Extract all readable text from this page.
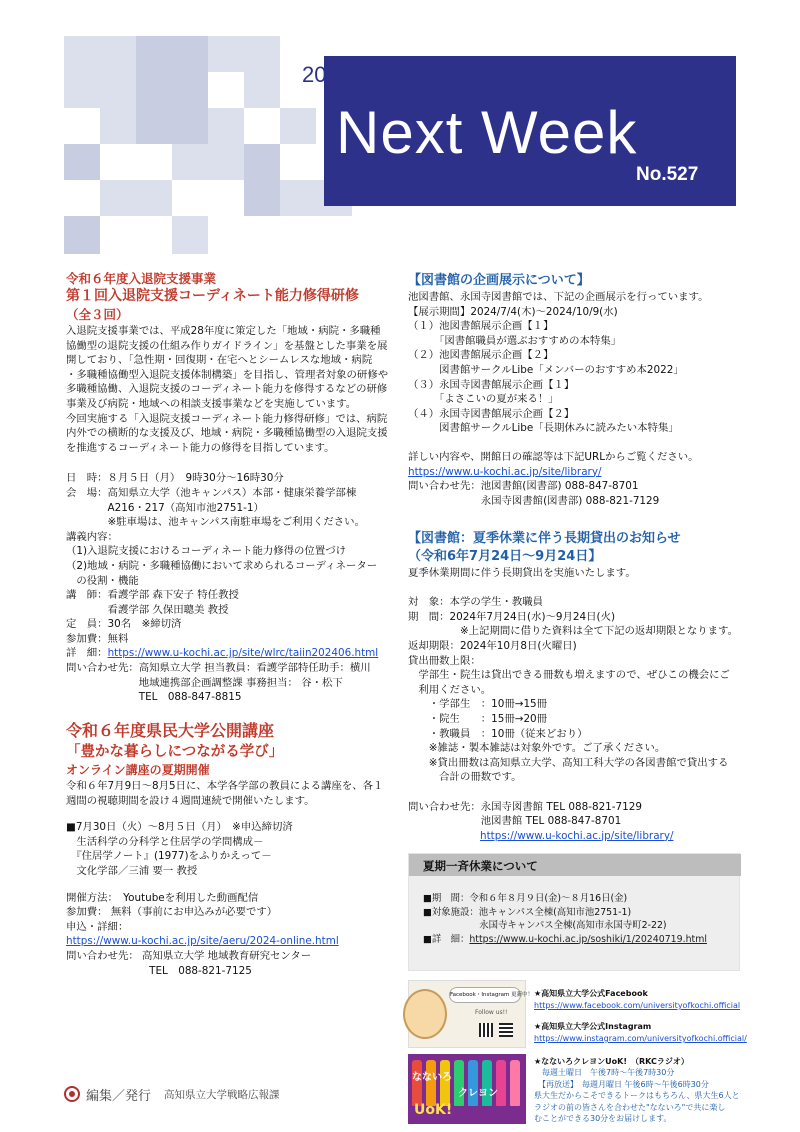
2024/8/3～2024/8/11
Next Week
No.527
令和６年度入退院支援事業
第１回入退院支援コーディネート能力修得研修
（全３回）
入退院支援事業では、平成28年度に策定した「地域・病院・多職種
協働型の退院支援の仕組み作りガイドライン」を基盤とした事業を展
開しており、「急性期・回復期・在宅へとシームレスな地域・病院
・多職種協働型入退院支援体制構築」を目指し、管理者対象の研修や
多職種協働、入退院支援のコーディネート能力を修得するなどの研修
事業及び病院・地域への相談支援事業などを実施しています。
今回実施する「入退院支援コーディネート能力修得研修」では、病院
内外での横断的な支援及び、地域・病院・多職種協働型の入退院支援
を推進するコーディネート能力の修得を目指しています。
日　時：８月５日（月）　9時30分～16時30分
会　場：高知県立大学（池キャンパス）本部・健康栄養学部棟
　　　　A216・217（高知市池2751-1）
　　　　※駐車場は、池キャンパス南駐車場をご利用ください。
講義内容：
（1)入退院支援におけるコーディネート能力修得の位置づけ
（2)地域・病院・多職種協働において求められるコーディネーター
　の役割・機能
講　師：看護学部 森下安子 特任教授
　　　　看護学部 久保田聰美 教授
定　員：30名　※締切済
参加費：無料
詳　細：https://www.u-kochi.ac.jp/site/wlrc/taiin202406.html
問い合わせ先：高知県立大学 担当教員：看護学部特任助手：横川
　　　　　　　地域連携部企画調整課 事務担当： 谷・松下
　　　　　　　TEL　088-847-8815
令和６年度県民大学公開講座
「豊かな暮らしにつながる学び」
オンライン講座の夏期開催
令和６年7月9日～8月5日に、本学各学部の教員による講座を、各１
週間の視聴期間を設け４週間連続で開催いたします。
■7月30日（火）～8月５日（月）　※申込締切済
　生活科学の分科学と住居学の学問構成－
　『住居学ノート』(1977)をふりかえって－
　文化学部／三浦 要一 教授
開催方法：　Youtubeを利用した動画配信
参加費： 無料（事前にお申込みが必要です）
申込・詳細：
https://www.u-kochi.ac.jp/site/aeru/2024-online.html
問い合わせ先： 高知県立大学 地域教育研究センター
　　　　　　　　TEL　088-821-7125
編集／発行 高知県立大学戦略広報課
【図書館の企画展示について】
池図書館、永国寺図書館では、下記の企画展示を行っています。
【展示期間】2024/7/4(木)～2024/10/9(水)
（１）池図書館展示企画【１】
　　　「図書館職員が選ぶおすすめの本特集」
（２）池図書館展示企画【２】
　　　図書館サークルLibe「メンバーのおすすめ本2022」
（３）永国寺図書館展示企画【１】
　　　「よさこいの夏が来る！」
（４）永国寺図書館展示企画【２】
　　　図書館サークルLibe「長期休みに読みたい本特集」
詳しい内容や、開館日の確認等は下記URLからご覧ください。
https://www.u-kochi.ac.jp/site/library/
問い合わせ先：池図書館(図書部) 088-847-8701
　　　　　　　永国寺図書館(図書部) 088-821-7129
【図書館：夏季休業に伴う長期貸出のお知らせ
（令和6年7月24日～9月24日】
夏季休業期間に伴う長期貸出を実施いたします。
対　象：本学の学生・教職員
期　間：2024年7月24日(水)～9月24日(火)
　　　　　※上記期間に借りた資料は全て下記の返却期限となります。
返却期限：2024年10月8日(火曜日)
貸出冊数上限：
　学部生・院生は貸出できる冊数も増えますので、ぜひこの機会にご
　利用ください。
　　・学部生　：10冊→15冊
　　・院生　　：15冊→20冊
　　・教職員　：10冊（従来どおり）
　　※雑誌・製本雑誌は対象外です。ご了承ください。
　　※貸出冊数は高知県立大学、高知工科大学の各図書館で貸出する
　　　合計の冊数です。
問い合わせ先：永国寺図書館 TEL 088-821-7129
　　　　　　　池図書館 TEL 088-847-8701
https://www.u-kochi.ac.jp/site/library/
夏期一斉休業について
■期　間：令和６年８月９日(金)～８月16日(金)
■対象施設：池キャンパス全棟(高知市池2751-1)
　　　　　　永国寺キャンパス全棟(高知市永国寺町2-22)
■詳　細：https://www.u-kochi.ac.jp/soshiki/1/20240719.html
Facebook・Instagram 更新中！
Follow us!!
★高知県立大学公式Facebook
https://www.facebook.com/universityofkochi.official
★高知県立大学公式Instagram
https://www.instagram.com/universityofkochi.official/
なないろ
クレヨン
UoK!
★なないろクレヨンUoK!　（RKCラジオ）
　毎週土曜日　午後7時～午後7時30分
　【再放送】　毎週月曜日 午後6時～午後6時30分
県大生だからこそできるトークはもちろん、県大生6人と
ラジオの前の皆さんを合わせた"なないろ"で共に楽し
むことができる30分をお届けします。
